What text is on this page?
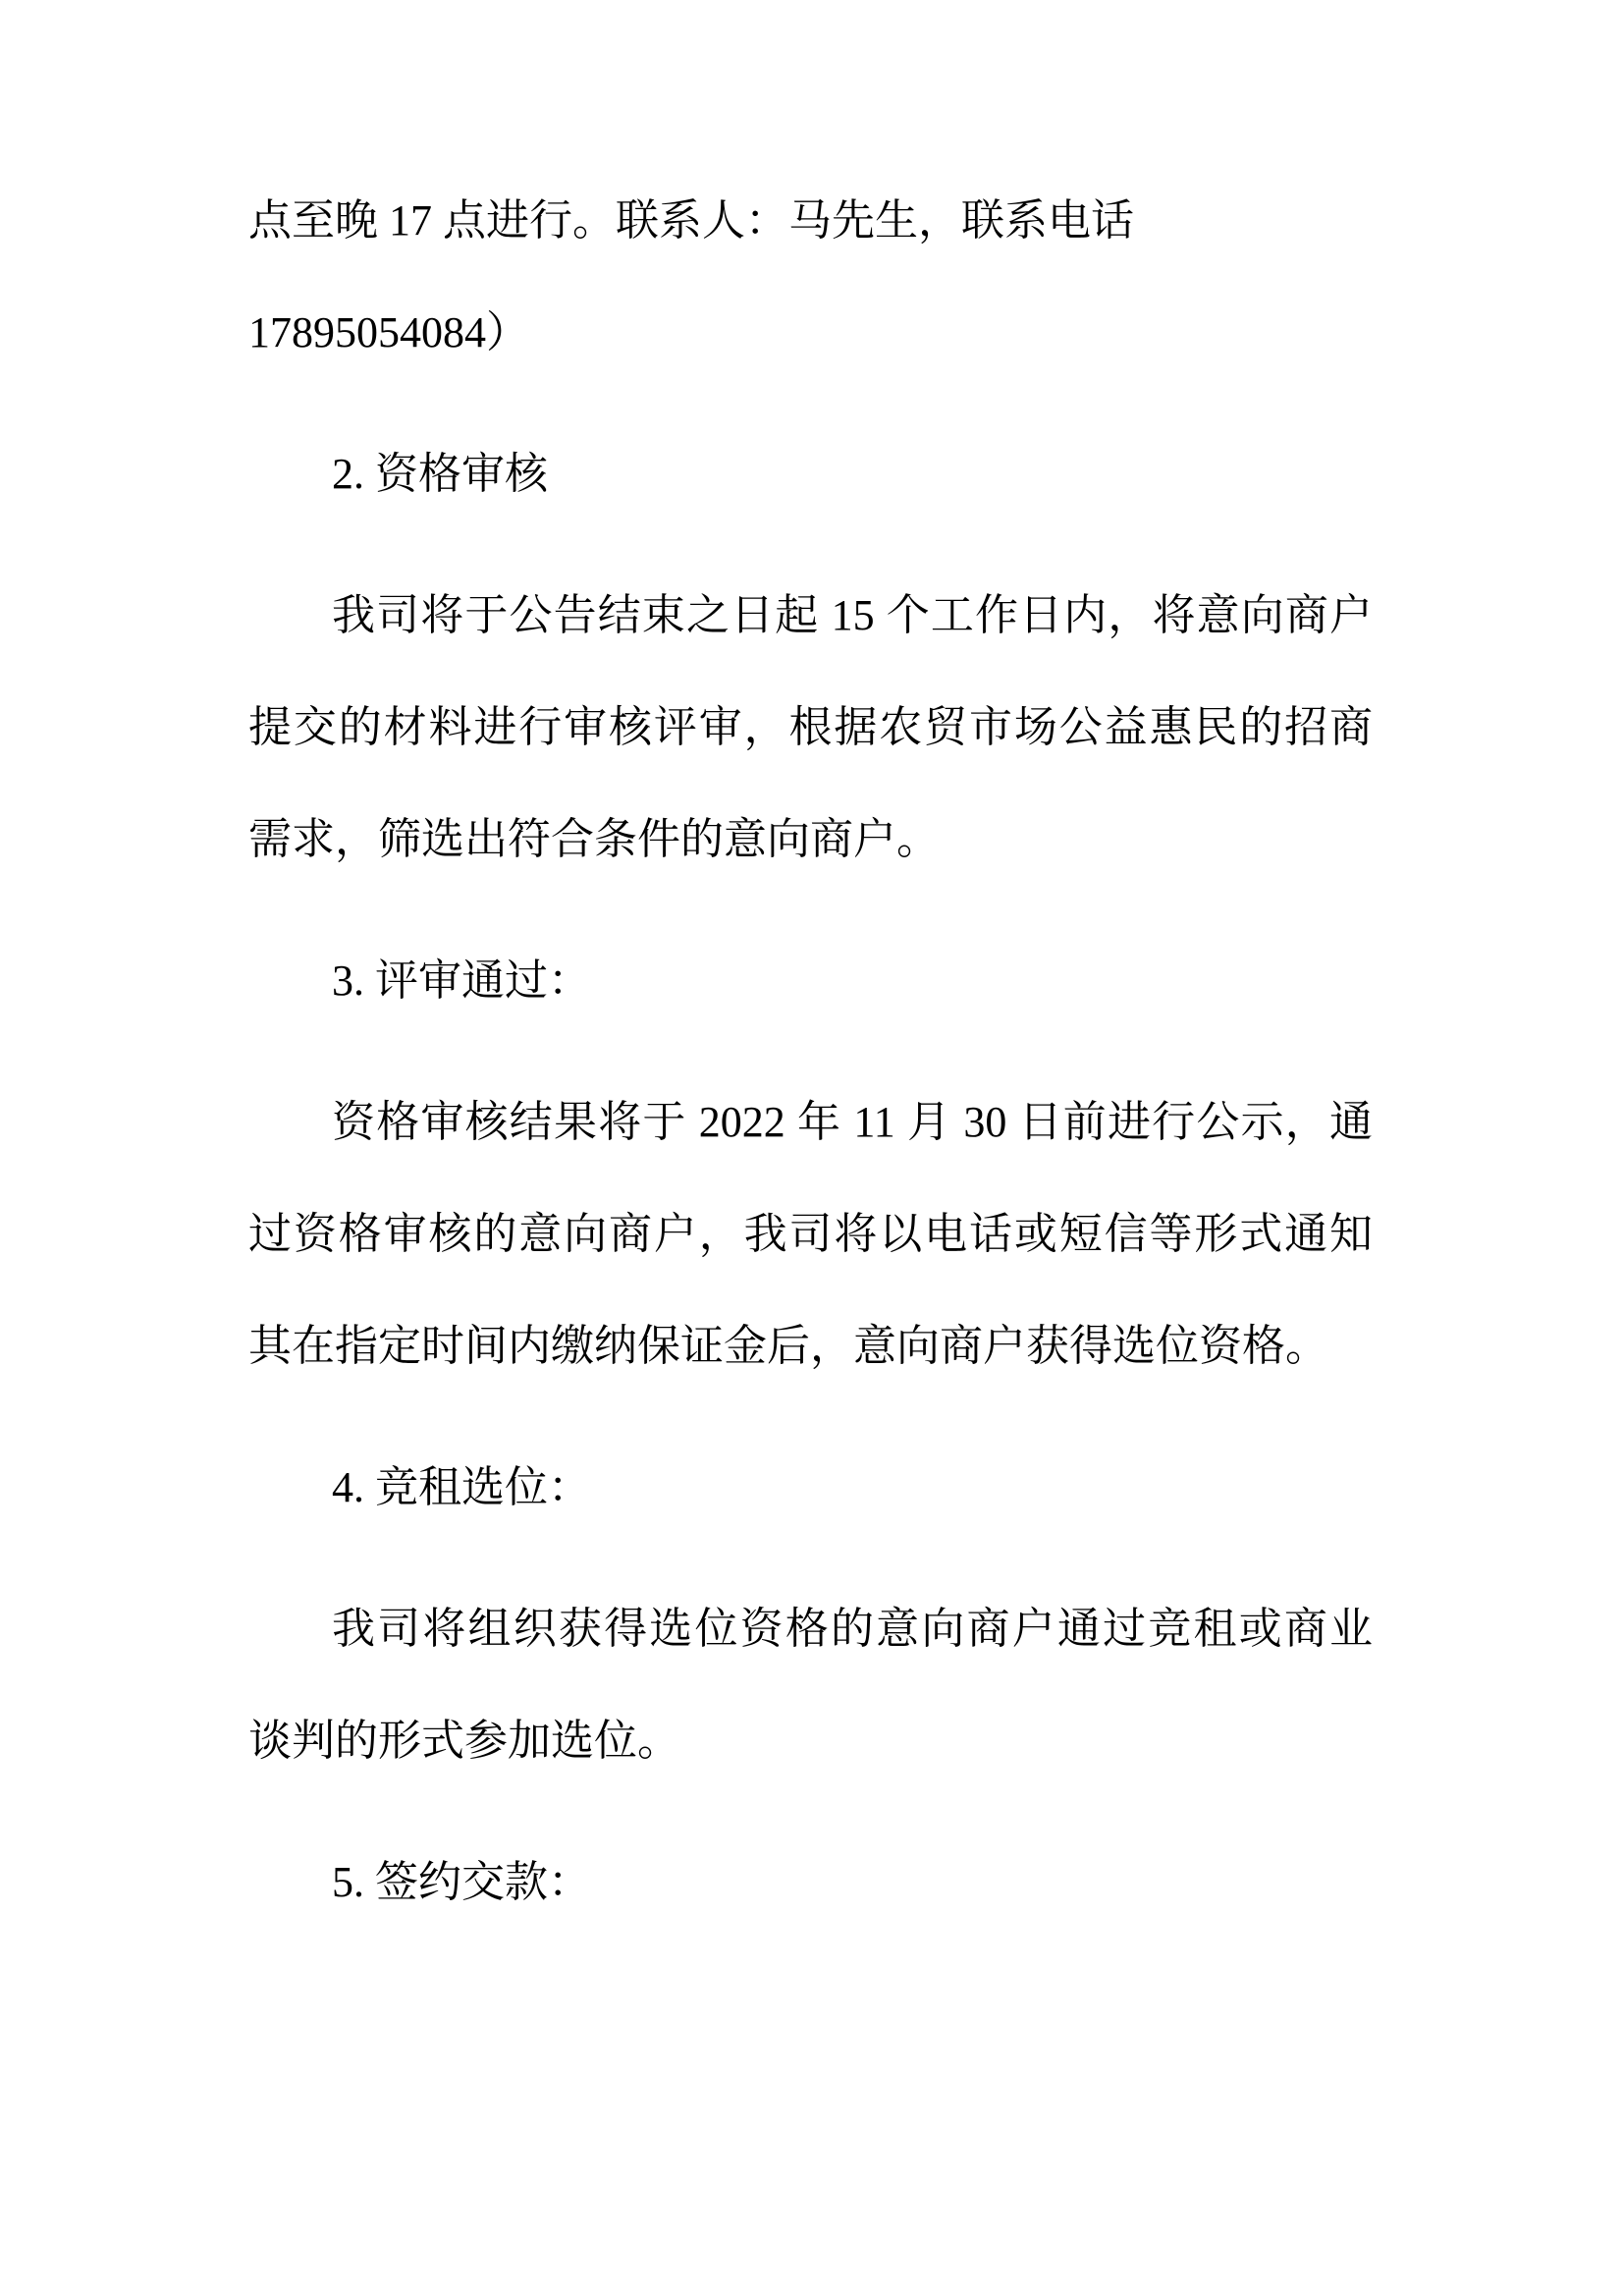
点至晚 17 点进行。联系人：马先生，联系电话
17895054084）
2. 资格审核
我司将于公告结束之日起 15 个工作日内，将意向商户
提交的材料进行审核评审，根据农贸市场公益惠民的招商
需求，筛选出符合条件的意向商户。
3. 评审通过：
资格审核结果将于 2022 年 11 月 30 日前进行公示，通
过资格审核的意向商户，我司将以电话或短信等形式通知
其在指定时间内缴纳保证金后，意向商户获得选位资格。
4. 竞租选位：
我司将组织获得选位资格的意向商户通过竞租或商业
谈判的形式参加选位。
5. 签约交款：
